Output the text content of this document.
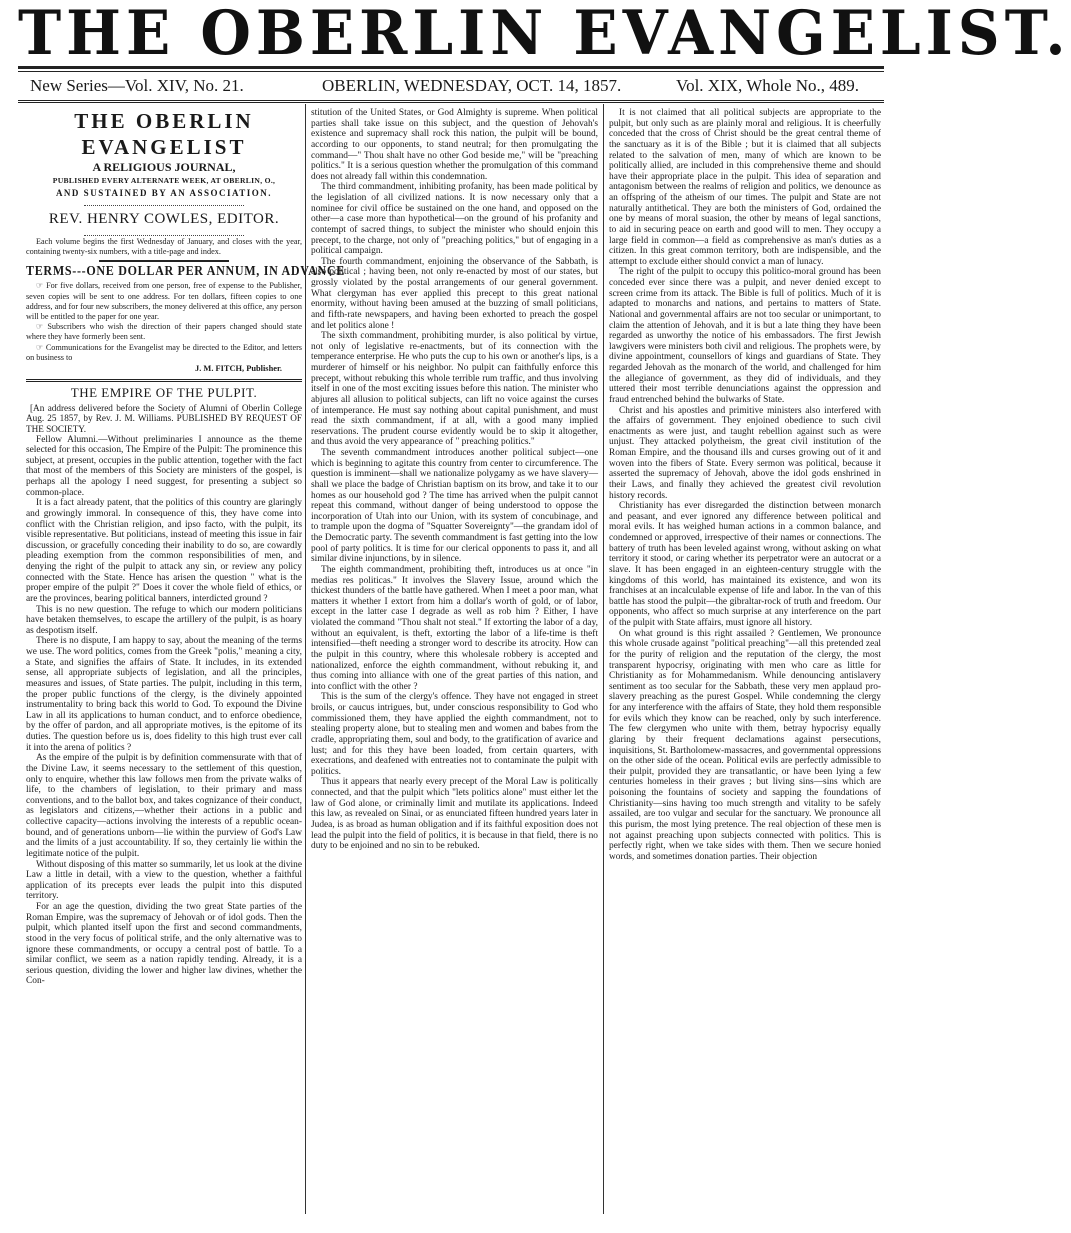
THE OBERLIN EVANGELIST.
New Series—Vol. XIV, No. 21.	OBERLIN, WEDNESDAY, OCT. 14, 1857.	Vol. XIX, Whole No., 489.
THE OBERLIN EVANGELIST
A RELIGIOUS JOURNAL,
PUBLISHED EVERY ALTERNATE WEEK, AT OBERLIN, O.,
AND SUSTAINED BY AN ASSOCIATION.
REV. HENRY COWLES, EDITOR.
Each volume begins the first Wednesday of January, and closes with the year, containing twenty-six numbers, with a title-page and index.
TERMS---ONE DOLLAR PER ANNUM, IN ADVANCE
☞ For five dollars, received from one person, free of expense to the Publisher, seven copies will be sent to one address. For ten dollars, fifteen copies to one address, and for four new subscribers, the money delivered at this office, any person will be entitled to the paper for one year.
☞ Subscribers who wish the direction of their papers changed should state where they have formerly been sent.
☞ Communications for the Evangelist may be directed to the Editor, and letters on business to
J. M. FITCH, Publisher.
THE EMPIRE OF THE PULPIT.

[An address delivered before the Society of Alumni of Oberlin College Aug. 25 1857, by Rev. J. M. Williams. PUBLISHED BY REQUEST OF THE SOCIETY.

Fellow Alumni.—Without preliminaries I announce as the theme selected for this occasion, The Empire of the Pulpit: The prominence this subject, at present, occupies in the public attention, together with the fact that most of the members of this Society are ministers of the gospel, is perhaps all the apology I need suggest, for presenting a subject so common-place.

It is a fact already patent, that the politics of this country are glaringly and growingly immoral. In consequence of this, they have come into conflict with the Christian religion, and ipso facto, with the pulpit, its visible representative. But politicians, instead of meeting this issue in fair discussion, or gracefully conceding their inability to do so, are cowardly pleading exemption from the common responsibilities of men, and denying the right of the pulpit to attack any sin, or review any policy connected with the State. Hence has arisen the question " what is the proper empire of the pulpit ?" Does it cover the whole field of ethics, or are the provinces, bearing political banners, interdicted ground ?

This is no new question. The refuge to which our modern politicians have betaken themselves, to escape the artillery of the pulpit, is as hoary as despotism itself.

There is no dispute, I am happy to say, about the meaning of the terms we use. The word politics, comes from the Greek "polis," meaning a city, a State, and signifies the affairs of State. It includes, in its extended sense, all appropriate subjects of legislation, and all the principles, measures and issues, of State parties. The pulpit, including in this term, the proper public functions of the clergy, is the divinely appointed instrumentality to bring back this world to God. To expound the Divine Law in all its applications to human conduct, and to enforce obedience, by the offer of pardon, and all appropriate motives, is the epitome of its duties. The question before us is, does fidelity to this high trust ever call it into the arena of politics ?

As the empire of the pulpit is by definition commensurate with that of the Divine Law, it seems necessary to the settlement of this question, only to enquire, whether this law follows men from the private walks of life, to the chambers of legislation, to their primary and mass conventions, and to the ballot box, and takes cognizance of their conduct, as legislators and citizens,—whether their actions in a public and collective capacity—actions involving the interests of a republic ocean-bound, and of generations unborn—lie within the purview of God's Law and the limits of a just accountability. If so, they certainly lie within the legitimate notice of the pulpit.

Without disposing of this matter so summarily, let us look at the divine Law a little in detail, with a view to the question, whether a faithful application of its precepts ever leads the pulpit into this disputed territory.

For an age the question, dividing the two great State parties of the Roman Empire, was the supremacy of Jehovah or of idol gods. Then the pulpit, which planted itself upon the first and second commandments, stood in the very focus of political strife, and the only alternative was to ignore these commandments, or occupy a central post of battle. To a similar conflict, we seem as a nation rapidly tending. Already, it is a serious question, dividing the lower and higher law divines, whether the Con-

stitution of the United States, or God Almighty is supreme. When political parties shall take issue on this subject, and the question of Jehovah's existence and supremacy shall rock this nation, the pulpit will be bound, according to our opponents, to stand neutral; for then promulgating the command—" Thou shalt have no other God beside me," will be "preaching politics." It is a serious question whether the promulgation of this command does not already fall within this condemnation.

The third commandment, inhibiting profanity, has been made political by the legislation of all civilized nations. It is now necessary only that a nominee for civil office be sustained on the one hand, and opposed on the other—a case more than hypothetical—on the ground of his profanity and contempt of sacred things, to subject the minister who should enjoin this precept, to the charge, not only of "preaching politics," but of engaging in a political campaign.

The fourth commandment, enjoining the observance of the Sabbath, is also political ; having been, not only re-enacted by most of our states, but grossly violated by the postal arrangements of our general government. What clergyman has ever applied this precept to this great national enormity, without having been amused at the buzzing of small politicians, and fifth-rate newspapers, and having been exhorted to preach the gospel and let politics alone !

The sixth commandment, prohibiting murder, is also political by virtue, not only of legislative re-enactments, but of its connection with the temperance enterprise. He who puts the cup to his own or another's lips, is a murderer of himself or his neighbor. No pulpit can faithfully enforce this precept, without rebuking this whole terrible rum traffic, and thus involving itself in one of the most exciting issues before this nation. The minister who abjures all allusion to political subjects, can lift no voice against the curses of intemperance. He must say nothing about capital punishment, and must read the sixth commandment, if at all, with a good many implied reservations. The prudent course evidently would be to skip it altogether, and thus avoid the very appearance of " preaching politics."

The seventh commandment introduces another political subject—one which is beginning to agitate this country from center to circumference. The question is imminent—shall we nationalize polygamy as we have slavery—shall we place the badge of Christian baptism on its brow, and take it to our homes as our household god ? The time has arrived when the pulpit cannot repeat this command, without danger of being understood to oppose the incorporation of Utah into our Union, with its system of concubinage, and to trample upon the dogma of "Squatter Sovereignty"—the grandam idol of the Democratic party. The seventh commandment is fast getting into the low pool of party politics. It is time for our clerical opponents to pass it, and all similar divine injunctions, by in silence.

The eighth commandment, prohibiting theft, introduces us at once "in medias res politicas." It involves the Slavery Issue, around which the thickest thunders of the battle have gathered. When I meet a poor man, what matters it whether I extort from him a dollar's worth of gold, or of labor, except in the latter case I degrade as well as rob him ? Either, I have violated the command "Thou shalt not steal." If extorting the labor of a day, without an equivalent, is theft, extorting the labor of a life-time is theft intensified—theft needing a stronger word to describe its atrocity. How can the pulpit in this country, where this wholesale robbery is accepted and nationalized, enforce the eighth commandment, without rebuking it, and thus coming into alliance with one of the great parties of this nation, and into conflict with the other ?

This is the sum of the clergy's offence. They have not engaged in street broils, or caucus intrigues, but, under conscious responsibility to God who commissioned them, they have applied the eighth commandment, not to stealing property alone, but to stealing men and women and babes from the cradle, appropriating them, soul and body, to the gratification of avarice and lust; and for this they have been loaded, from certain quarters, with execrations, and deafened with entreaties not to contaminate the pulpit with politics.

Thus it appears that nearly every precept of the Moral Law is politically connected, and that the pulpit which "lets politics alone" must either let the law of God alone, or criminally limit and mutilate its applications. Indeed this law, as revealed on Sinai, or as enunciated fifteen hundred years later in Judea, is as broad as human obligation and if its faithful exposition does not lead the pulpit into the field of politics, it is because in that field, there is no duty to be enjoined and no sin to be rebuked.

It is not claimed that all political subjects are appropriate to the pulpit, but only such as are plainly moral and religious. It is cheerfully conceded that the cross of Christ should be the great central theme of the sanctuary as it is of the Bible ; but it is claimed that all subjects related to the salvation of men, many of which are known to be politically allied, are included in this comprehensive theme and should have their appropriate place in the pulpit. This idea of separation and antagonism between the realms of religion and politics, we denounce as an offspring of the atheism of our times. The pulpit and State are not naturally antithetical. They are both the ministers of God, ordained the one by means of moral suasion, the other by means of legal sanctions, to aid in securing peace on earth and good will to men. They occupy a large field in common—a field as comprehensive as man's duties as a citizen. In this great common territory, both are indispensible, and the attempt to exclude either should convict a man of lunacy.

The right of the pulpit to occupy this politico-moral ground has been conceded ever since there was a pulpit, and never denied except to screen crime from its attack. The Bible is full of politics. Much of it is adapted to monarchs and nations, and pertains to matters of State. National and governmental affairs are not too secular or unimportant, to claim the attention of Jehovah, and it is but a late thing they have been regarded as unworthy the notice of his embassadors. The first Jewish lawgivers were ministers both civil and religious. The prophets were, by divine appointment, counsellors of kings and guardians of State. They regarded Jehovah as the monarch of the world, and challenged for him the allegiance of government, as they did of individuals, and they uttered their most terrible denunciations against the oppression and fraud entrenched behind the bulwarks of State.

Christ and his apostles and primitive ministers also interfered with the affairs of government. They enjoined obedience to such civil enactments as were just, and taught rebellion against such as were unjust. They attacked polytheism, the great civil institution of the Roman Empire, and the thousand ills and curses growing out of it and woven into the fibers of State. Every sermon was political, because it asserted the supremacy of Jehovah, above the idol gods enshrined in their Laws, and finally they achieved the greatest civil revolution history records.

Christianity has ever disregarded the distinction between monarch and peasant, and ever ignored any difference between political and moral evils. It has weighed human actions in a common balance, and condemned or approved, irrespective of their names or connections. The battery of truth has been leveled against wrong, without asking on what territory it stood, or caring whether its perpetrator were an autocrat or a slave. It has been engaged in an eighteen-century struggle with the kingdoms of this world, has maintained its existence, and won its franchises at an incalculable expense of life and labor. In the van of this battle has stood the pulpit—the gibraltar-rock of truth and freedom. Our opponents, who affect so much surprise at any interference on the part of the pulpit with State affairs, must ignore all history.

On what ground is this right assailed ? Gentlemen, We pronounce this whole crusade against "political preaching"—all this pretended zeal for the purity of religion and the reputation of the clergy, the most transparent hypocrisy, originating with men who care as little for Christianity as for Mohammedanism. While denouncing antislavery sentiment as too secular for the Sabbath, these very men applaud pro-slavery preaching as the purest Gospel. While condemning the clergy for any interference with the affairs of State, they hold them responsible for evils which they know can be reached, only by such interference. The few clergymen who unite with them, betray hypocrisy equally glaring by their frequent declamations against persecutions, inquisitions, St. Bartholomew-massacres, and governmental oppressions on the other side of the ocean. Political evils are perfectly admissible to their pulpit, provided they are transatlantic, or have been lying a few centuries homeless in their graves ; but living sins—sins which are poisoning the fountains of society and sapping the foundations of Christianity—sins having too much strength and vitality to be safely assailed, are too vulgar and secular for the sanctuary. We pronounce all this purism, the most lying pretence. The real objection of these men is not against preaching upon subjects connected with politics. This is perfectly right, when we take sides with them. Then we secure honied words, and sometimes donation parties. Their objection
